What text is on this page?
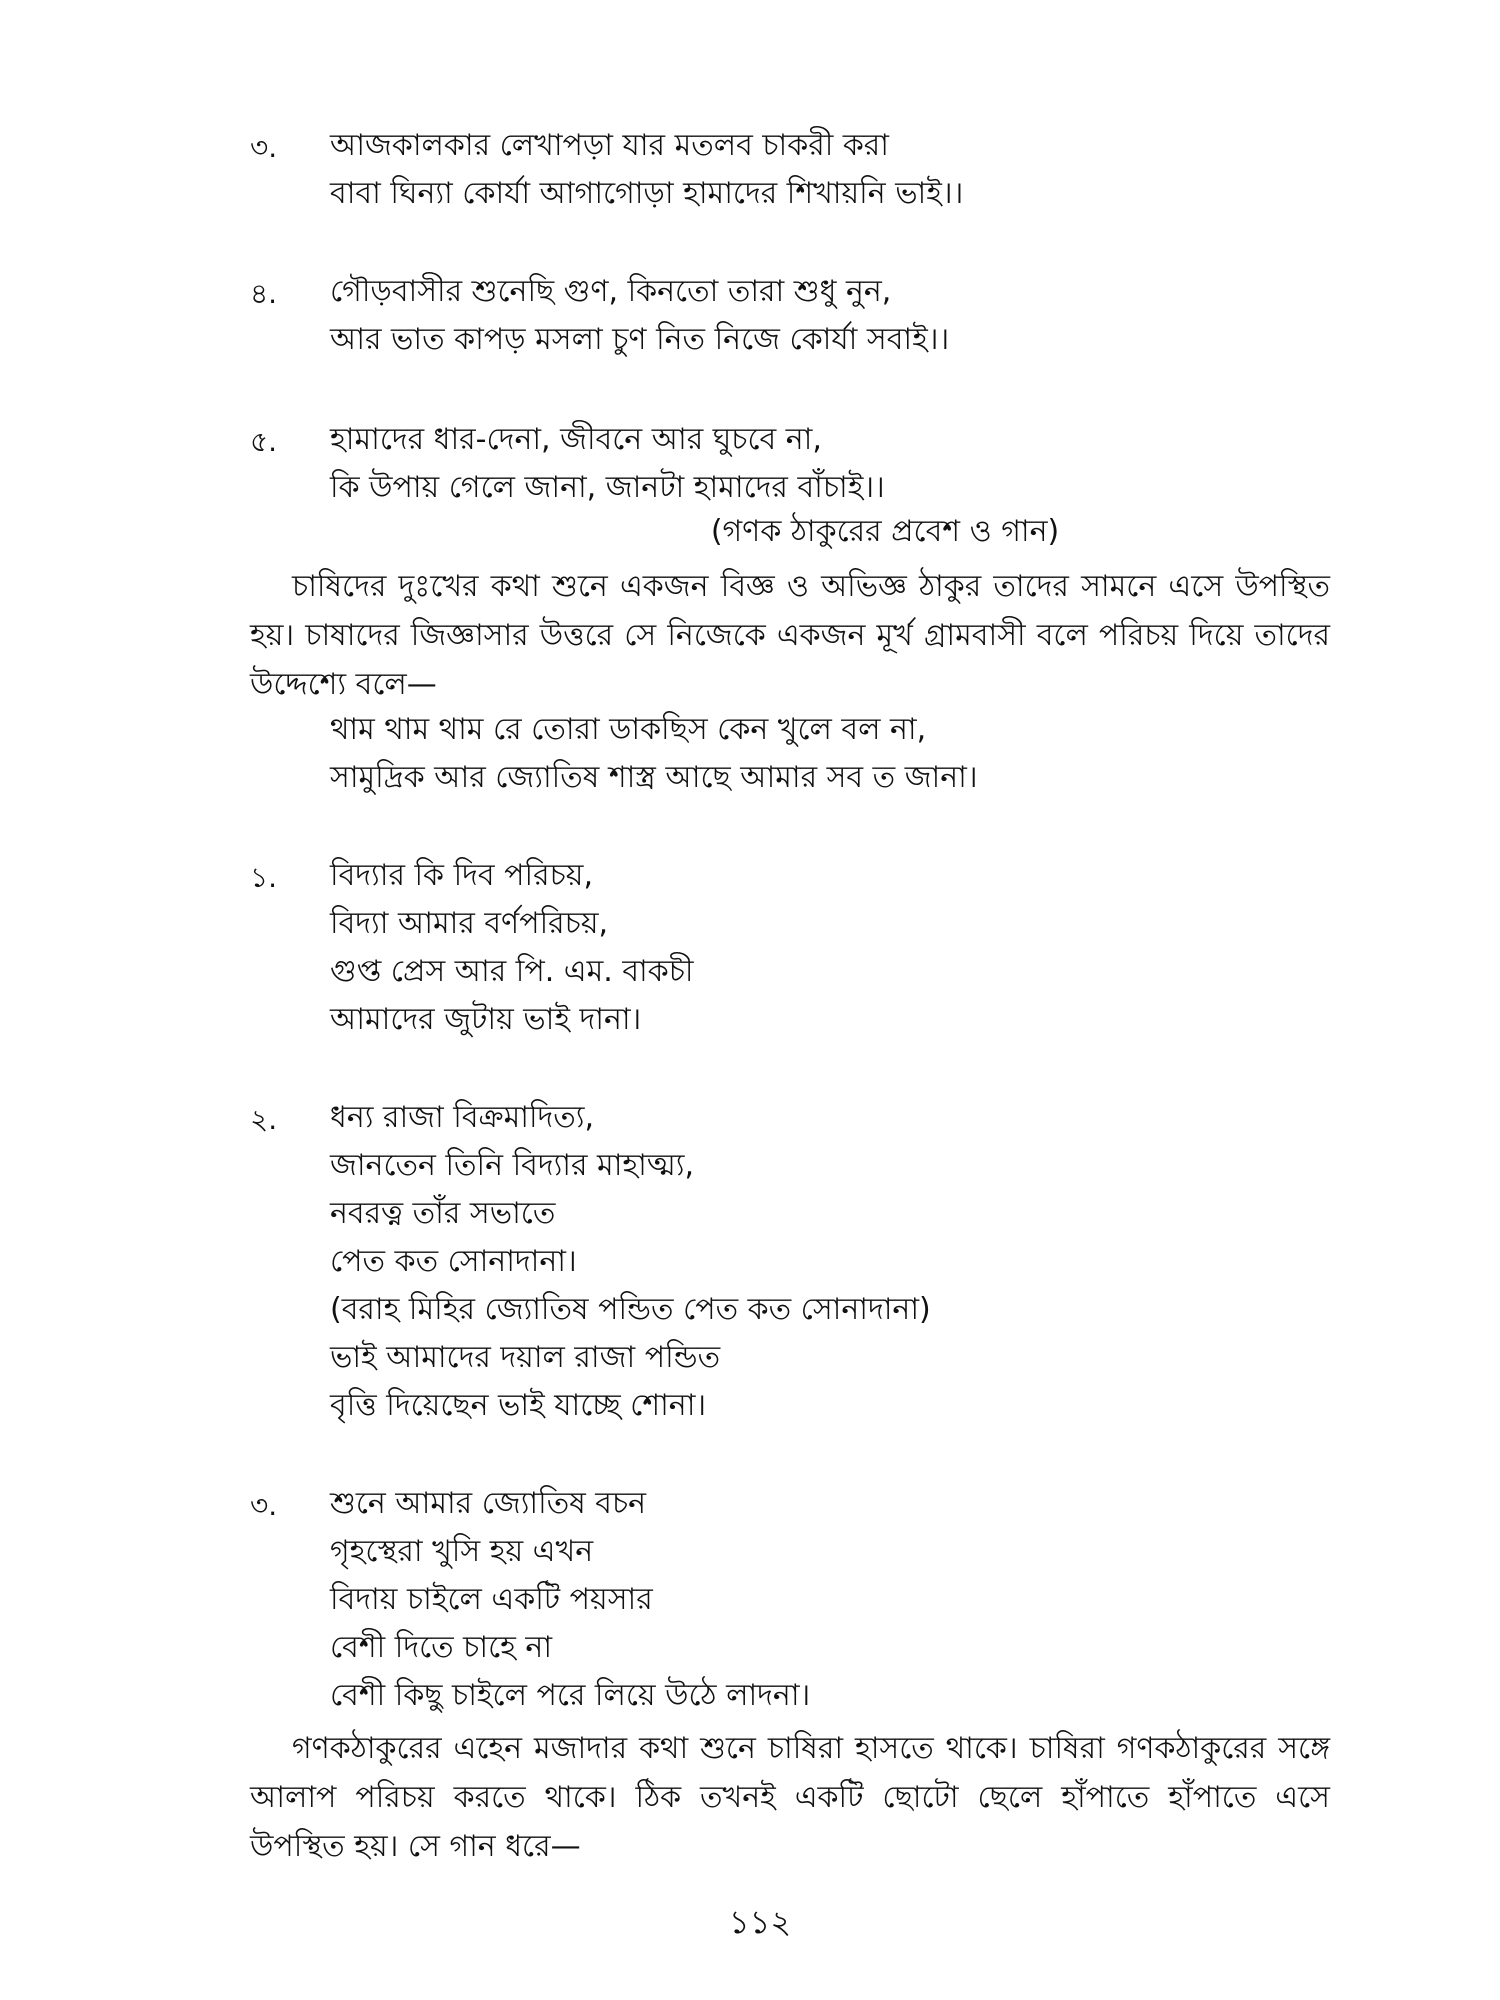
৩. আজকালকার লেখাপড়া যার মতলব চাকরী করা
বাবা ঘিন্যা কোর্যা আগাগোড়া হামাদের শিখায়নি ভাই।।
৪. গৌড়বাসীর শুনেছি গুণ, কিনতো তারা শুধু নুন,
আর ভাত কাপড় মসলা চুণ নিত নিজে কোর্যা সবাই।।
৫. হামাদের ধার-দেনা, জীবনে আর ঘুচবে না,
কি উপায় গেলে জানা, জানটা হামাদের বাঁচাই।।
(গণক ঠাকুরের প্রবেশ ও গান)
চাষিদের দুঃখের কথা শুনে একজন বিজ্ঞ ও অভিজ্ঞ ঠাকুর তাদের সামনে এসে উপস্থিত হয়। চাষাদের জিজ্ঞাসার উত্তরে সে নিজেকে একজন মূর্খ গ্রামবাসী বলে পরিচয় দিয়ে তাদের উদ্দেশ্যে বলে—
থাম থাম থাম রে তোরা ডাকছিস কেন খুলে বল না,
সামুদ্রিক আর জ্যোতিষ শাস্ত্র আছে আমার সব ত জানা।
১. বিদ্যার কি দিব পরিচয়,
বিদ্যা আমার বর্ণপরিচয়,
গুপ্ত প্রেস আর পি. এম. বাকচী
আমাদের জুটায় ভাই দানা।
২. ধন্য রাজা বিক্রমাদিত্য,
জানতেন তিনি বিদ্যার মাহাত্ম্য,
নবরত্ন তাঁর সভাতে
পেত কত সোনাদানা।
(বরাহ মিহির জ্যোতিষ পন্ডিত পেত কত সোনাদানা)
ভাই আমাদের দয়াল রাজা পন্ডিত
বৃত্তি দিয়েছেন ভাই যাচ্ছে শোনা।
৩. শুনে আমার জ্যোতিষ বচন
গৃহস্থেরা খুসি হয় এখন
বিদায় চাইলে একটি পয়সার
বেশী দিতে চাহে না
বেশী কিছু চাইলে পরে লিয়ে উঠে লাদনা।
গণকঠাকুরের এহেন মজাদার কথা শুনে চাষিরা হাসতে থাকে। চাষিরা গণকঠাকুরের সঙ্গে আলাপ পরিচয় করতে থাকে। ঠিক তখনই একটি ছোটো ছেলে হাঁপাতে হাঁপাতে এসে উপস্থিত হয়। সে গান ধরে—
১১২
